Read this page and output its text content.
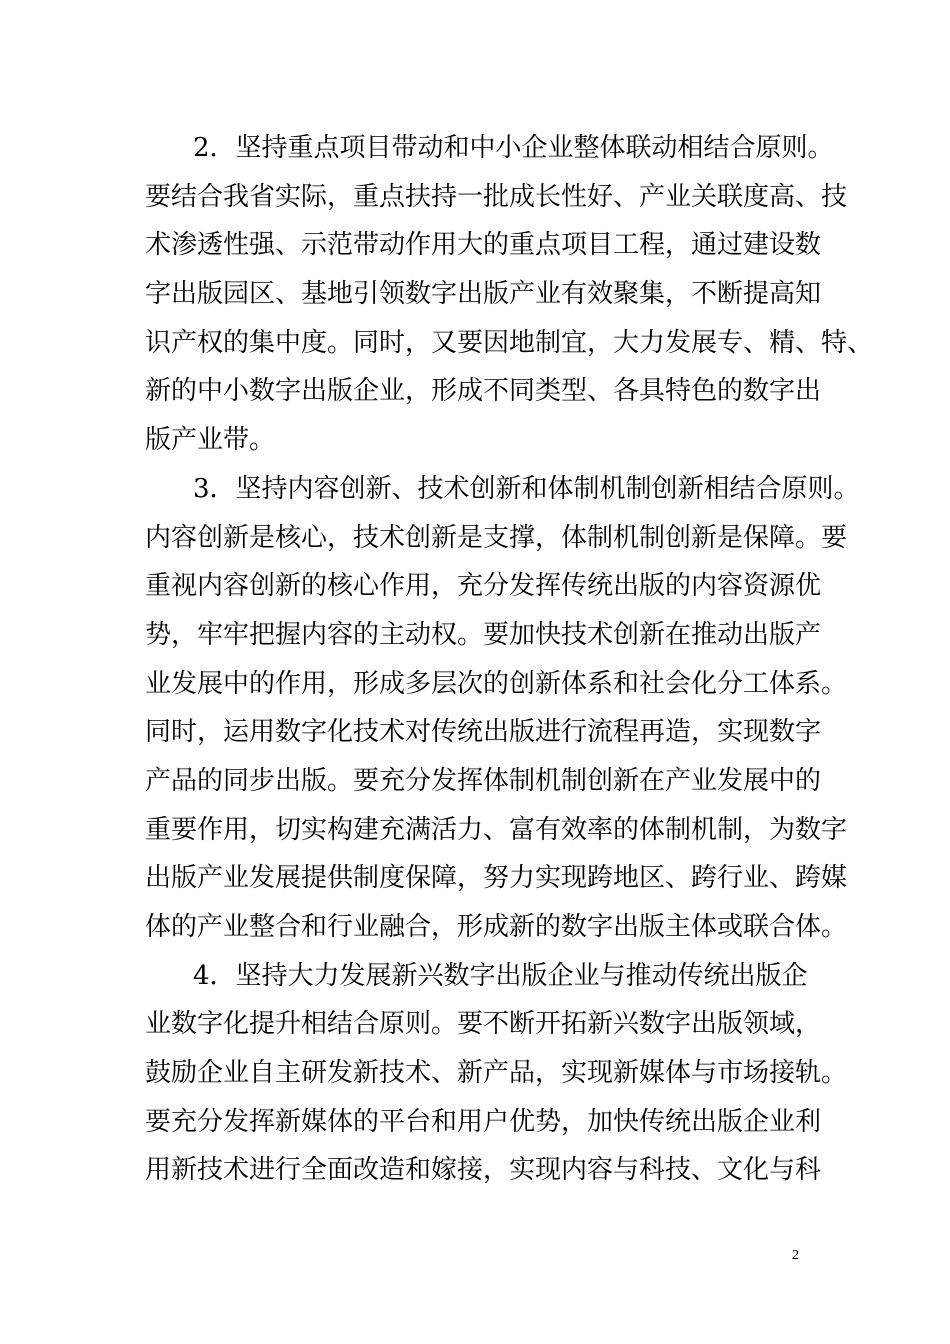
2．坚持重点项目带动和中小企业整体联动相结合原则。
要结合我省实际，重点扶持一批成长性好、产业关联度高、技
术渗透性强、示范带动作用大的重点项目工程，通过建设数
字出版园区、基地引领数字出版产业有效聚集，不断提高知
识产权的集中度。同时，又要因地制宜，大力发展专、精、特、
新的中小数字出版企业，形成不同类型、各具特色的数字出
版产业带。
3．坚持内容创新、技术创新和体制机制创新相结合原则。
内容创新是核心，技术创新是支撑，体制机制创新是保障。要
重视内容创新的核心作用，充分发挥传统出版的内容资源优
势，牢牢把握内容的主动权。要加快技术创新在推动出版产
业发展中的作用，形成多层次的创新体系和社会化分工体系。
同时，运用数字化技术对传统出版进行流程再造，实现数字
产品的同步出版。要充分发挥体制机制创新在产业发展中的
重要作用，切实构建充满活力、富有效率的体制机制，为数字
出版产业发展提供制度保障，努力实现跨地区、跨行业、跨媒
体的产业整合和行业融合，形成新的数字出版主体或联合体。
4．坚持大力发展新兴数字出版企业与推动传统出版企
业数字化提升相结合原则。要不断开拓新兴数字出版领域，
鼓励企业自主研发新技术、新产品，实现新媒体与市场接轨。
要充分发挥新媒体的平台和用户优势，加快传统出版企业利
用新技术进行全面改造和嫁接，实现内容与科技、文化与科
2
